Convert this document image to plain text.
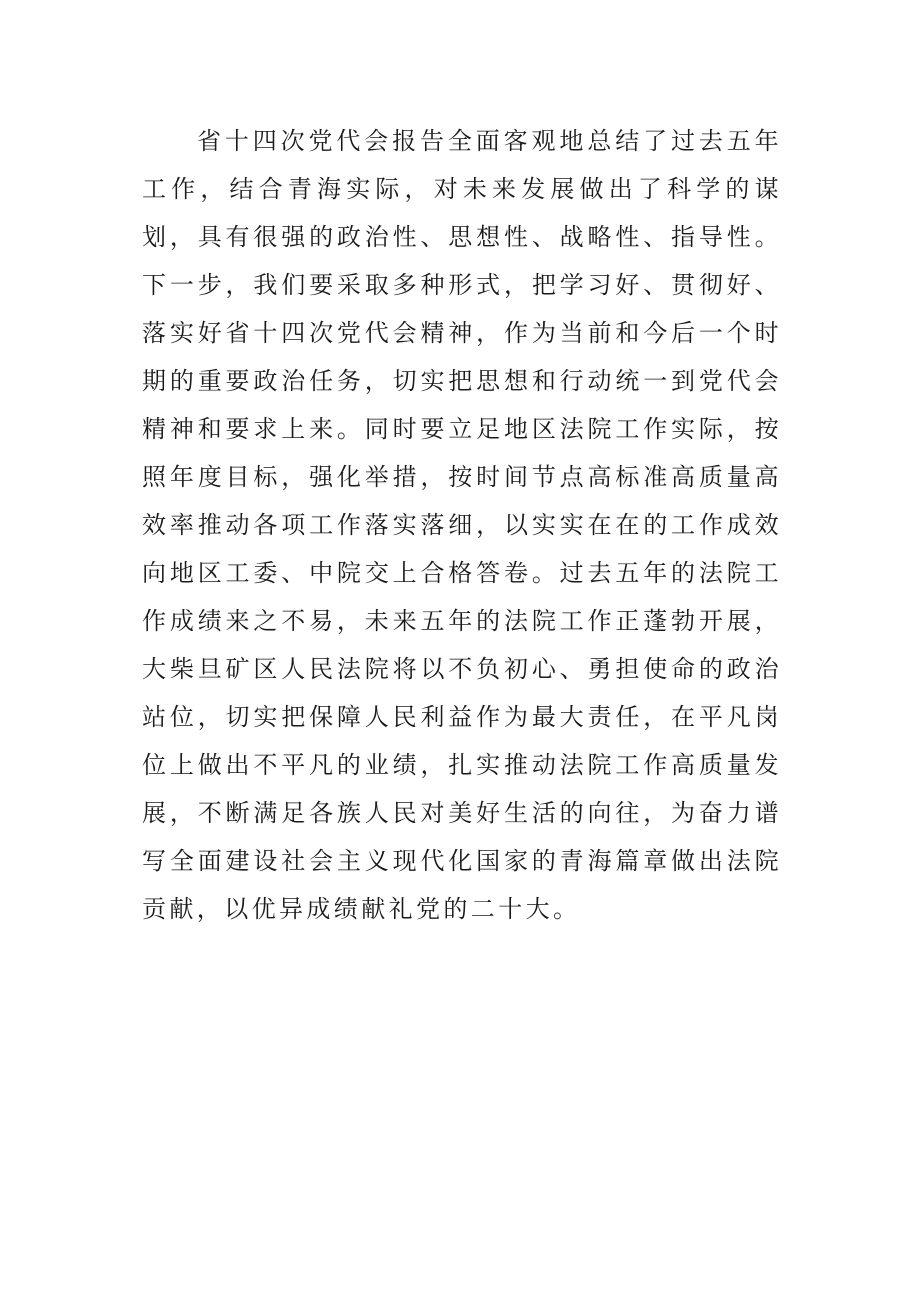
省十四次党代会报告全面客观地总结了过去五年工作，结合青海实际，对未来发展做出了科学的谋划，具有很强的政治性、思想性、战略性、指导性。下一步，我们要采取多种形式，把学习好、贯彻好、落实好省十四次党代会精神，作为当前和今后一个时期的重要政治任务，切实把思想和行动统一到党代会精神和要求上来。同时要立足地区法院工作实际，按照年度目标，强化举措，按时间节点高标准高质量高效率推动各项工作落实落细，以实实在在的工作成效向地区工委、中院交上合格答卷。过去五年的法院工作成绩来之不易，未来五年的法院工作正蓬勃开展，大柴旦矿区人民法院将以不负初心、勇担使命的政治站位，切实把保障人民利益作为最大责任，在平凡岗位上做出不平凡的业绩，扎实推动法院工作高质量发展，不断满足各族人民对美好生活的向往，为奋力谱写全面建设社会主义现代化国家的青海篇章做出法院贡献，以优异成绩献礼党的二十大。
